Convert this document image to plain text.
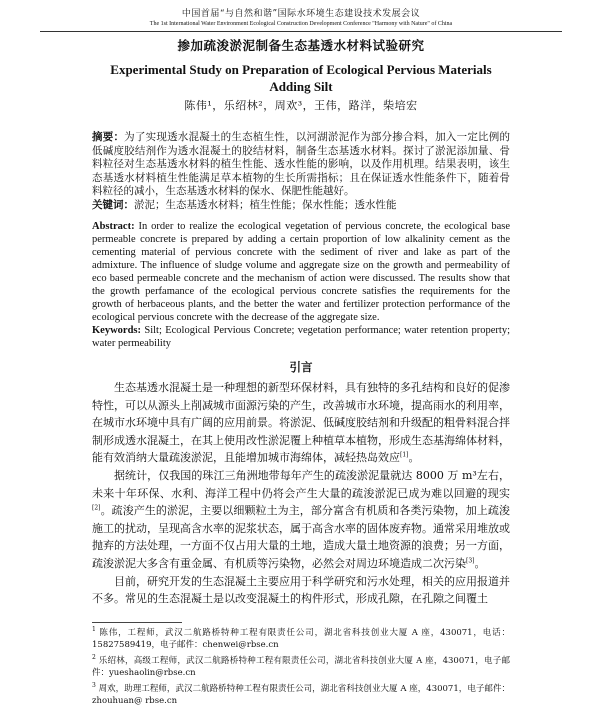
中国首届“与自然和谐”国际水环境生态建设技术发展会议
The 1st International Water Environment Ecological Construction Development Conference "Harmony with Nature" of China
掺加疏浚淤泥制备生态基透水材料试验研究
Experimental Study on Preparation of Ecological Pervious Materials Adding Silt
陈伟¹，乐绍林²，周欢³，王伟，路洋，柴培宏
摘要：为了实现透水混凝土的生态植生性，以河湖淤泥作为部分掺合料，加入一定比例的低碱度胶结剂作为透水混凝土的胶结材料，制备生态基透水材料。探讨了淤泥添加量、骨料粒径对生态基透水材料的植生性能、透水性能的影响，以及作用机理。结果表明，该生态基透水材料植生性能满足草本植物的生长所需指标；且在保证透水性能条件下，随着骨料粒径的减小，生态基透水材料的保水、保肥性能越好。
关键词：淤泥；生态基透水材料；植生性能；保水性能；透水性能
Abstract: In order to realize the ecological vegetation of pervious concrete, the ecological base permeable concrete is prepared by adding a certain proportion of low alkalinity cement as the cementing material of pervious concrete with the sediment of river and lake as part of the admixture. The influence of sludge volume and aggregate size on the growth and permeability of eco based permeable concrete and the mechanism of action were discussed. The results show that the growth perfamance of the ecological pervious concrete satisfies the requirements for the growth of herbaceous plants, and the better the water and fertilizer protection performance of the ecological pervious concrete with the decrease of the aggregate size.
Keywords: Silt; Ecological Pervious Concrete; vegetation performance; water retention property; water permeability
引言

生态基透水混凝土是一种理想的新型环保材料，具有独特的多孔结构和良好的促渗特性，可以从源头上削减城市面源污染的产生，改善城市水环境，提高雨水的利用率，在城市水环境中具有广阔的应用前景。将淤泥、低碱度胶结剂和升级配的粗骨料混合拌制形成透水混凝土，在其上使用改性淤泥覆上种植草本植物，形成生态基海绵体材料，能有效消纳大量疏浚淤泥，且能增加城市海绵体，减轻热岛效应[1]。

据统计，仅我国的珠江三角洲地带每年产生的疏浚淤泥量就达 8000 万 m³左右，未来十年环保、水利、海洋工程中仍将会产生大量的疏浚淤泥已成为难以回避的现实[2]。疏浚产生的淤泥，主要以细颗粒土为主，部分富含有机质和各类污染物，加上疏浚施工的扰动，呈现高含水率的泥浆状态，属于高含水率的固体废弃物。通常采用堆放或抛弃的方法处理，一方面不仅占用大量的土地，造成大量土地资源的浪费；另一方面，疏浚淤泥大多含有重金属、有机质等污染物，必然会对周边环境造成二次污染[3]。

目前，研究开发的生态混凝土主要应用于科学研究和污水处理，相关的应用报道并不多。常见的生态混凝土是以改变混凝土的构件形式，形成孔隙，在孔隙之间覆土

$^1$ 陈伟，工程师，武汉二航路桥特种工程有限责任公司，湖北省科技创业大厦 A 座，430071，电话：15827589419，电子邮件：chenwei@rbse.cn
$^2$ 乐绍林，高级工程师，武汉二航路桥特种工程有限责任公司，湖北省科技创业大厦 A 座，430071，电子邮件：yueshaolin@rbse.cn
$^3$ 周欢，助理工程师，武汉二航路桥特种工程有限责任公司，湖北省科技创业大厦 A 座，430071，电子邮件：zhouhuan@ rbse.cn
